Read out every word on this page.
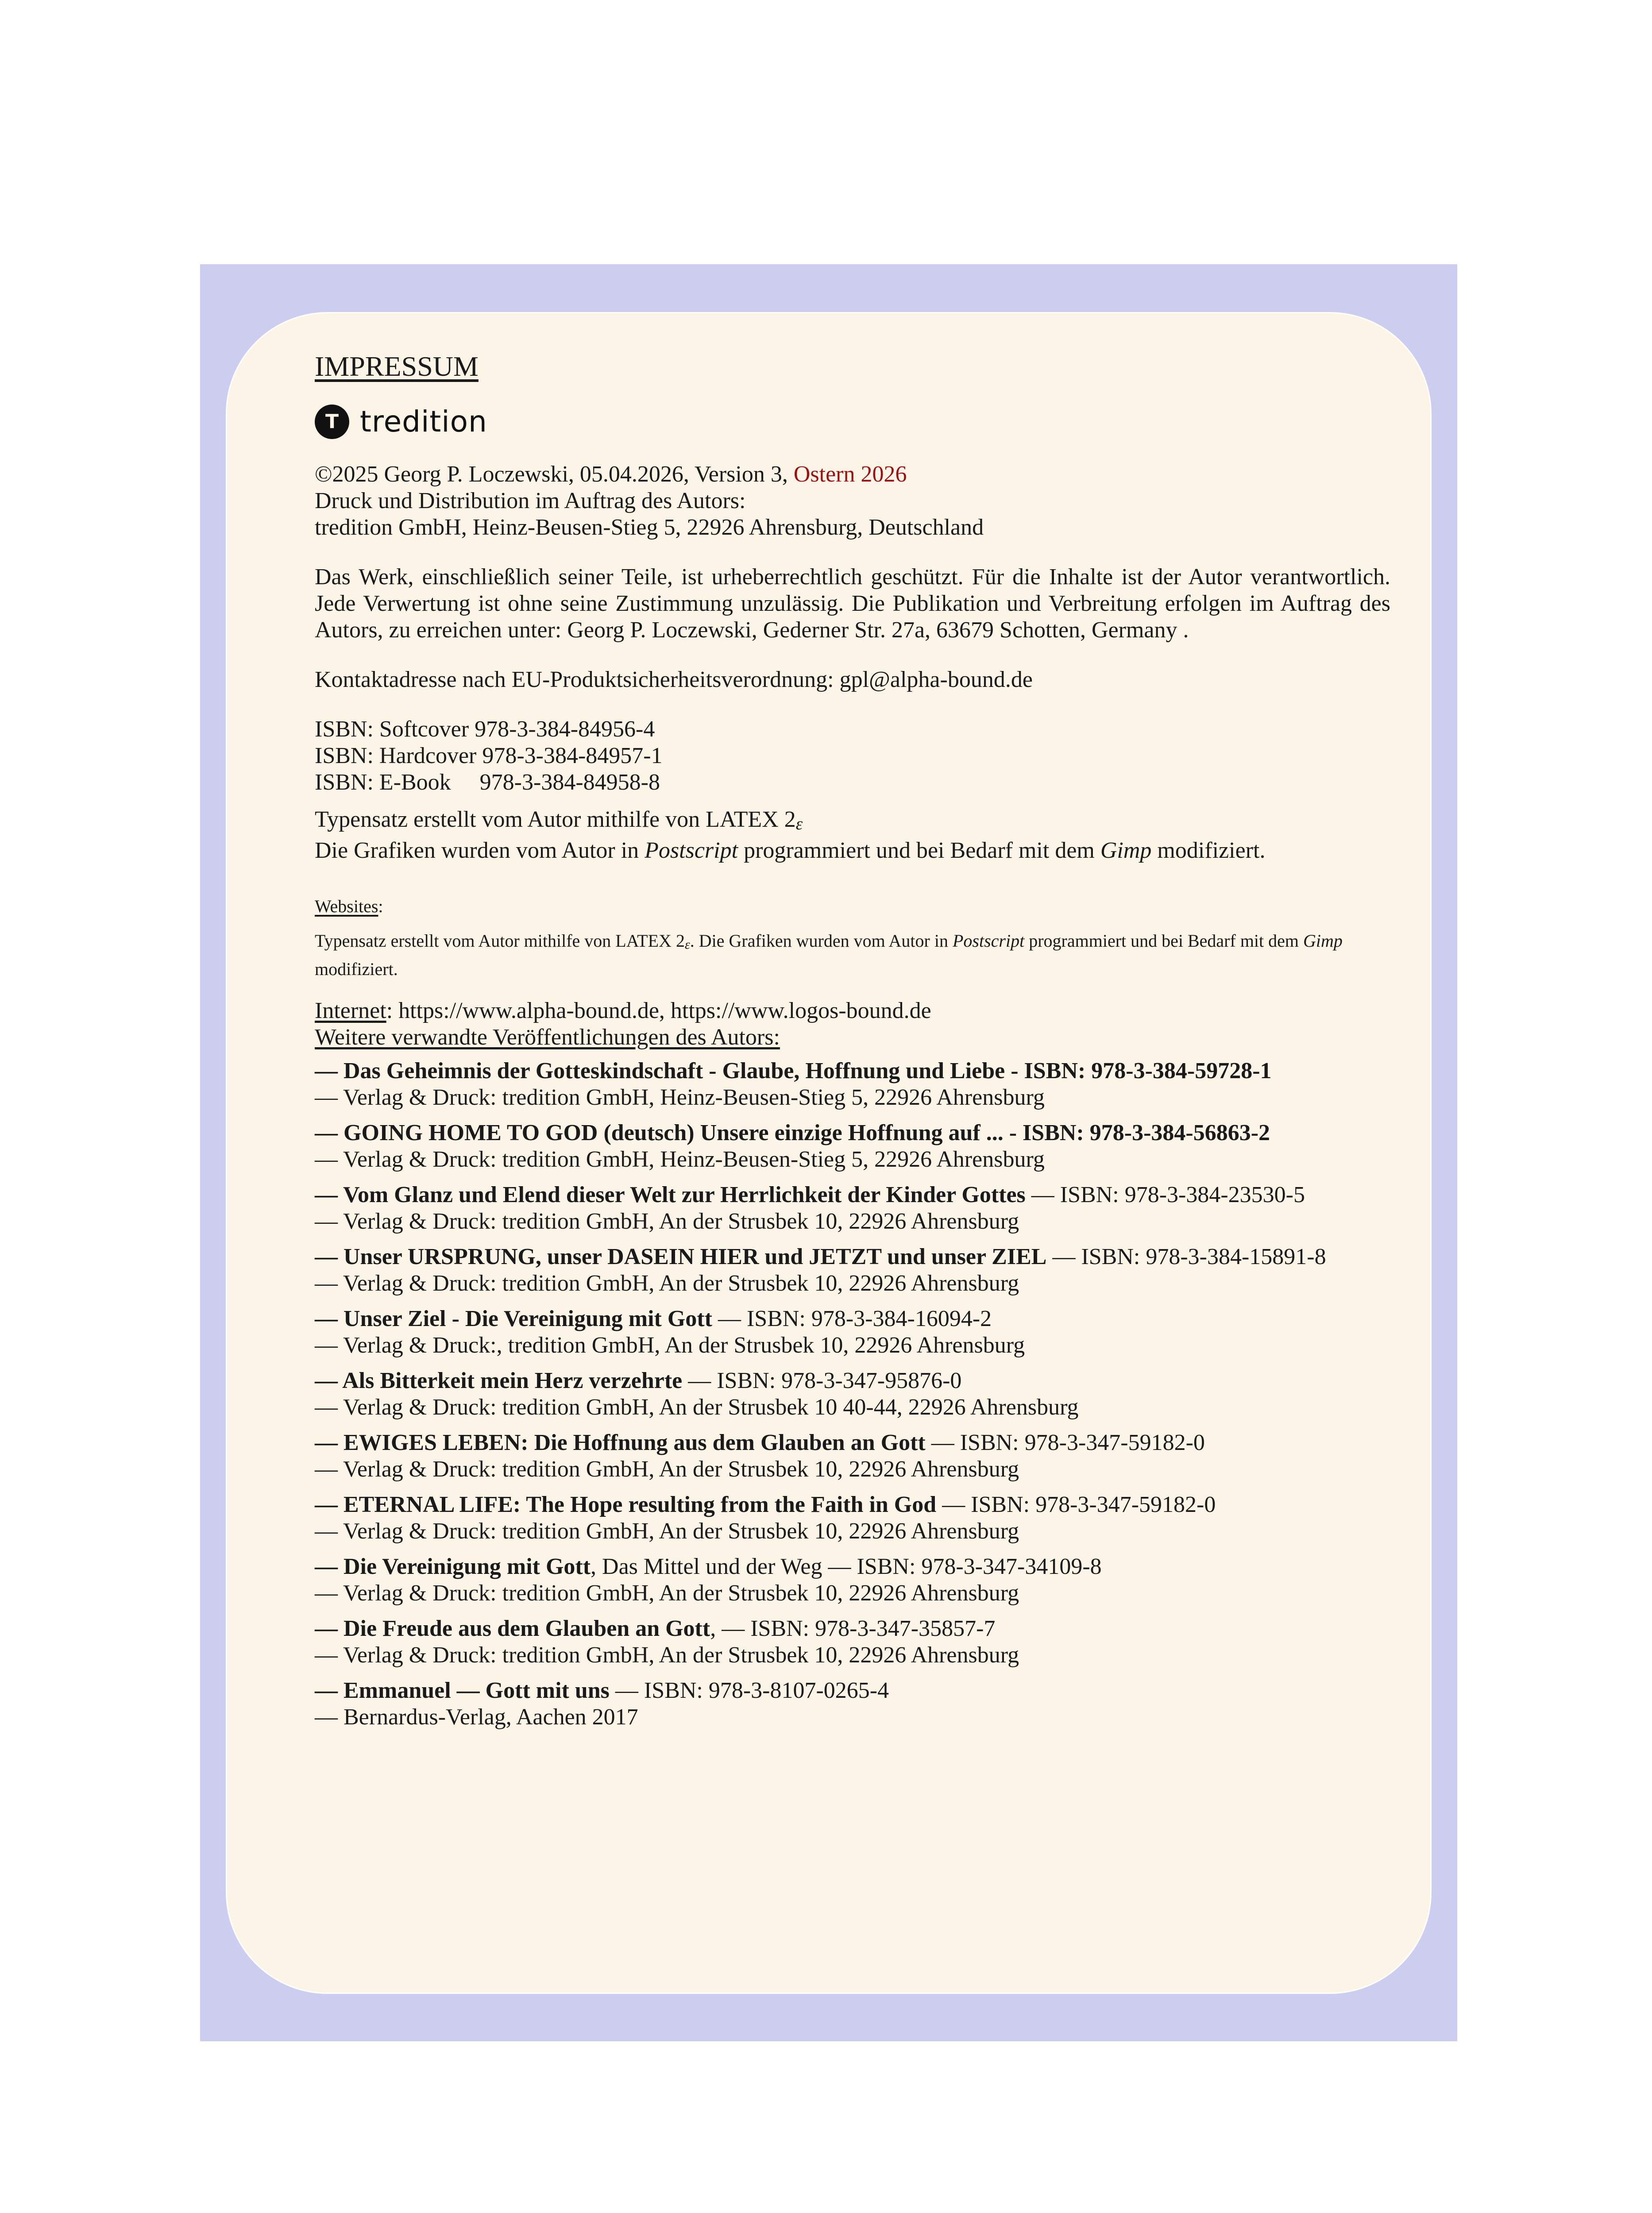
IMPRESSUM
T tredition
©2025 Georg P. Loczewski, 05.04.2026, Version 3, Ostern 2026
Druck und Distribution im Auftrag des Autors:
tredition GmbH, Heinz-Beusen-Stieg 5, 22926 Ahrensburg, Deutschland
Das Werk, einschließlich seiner Teile, ist urheberrechtlich geschützt. Für die Inhalte ist der Autor verantwortlich. Jede Verwertung ist ohne seine Zustimmung unzulässig. Die Publikation und Verbreitung erfolgen im Auftrag des Autors, zu erreichen unter: Georg P. Loczewski, Gederner Str. 27a, 63679 Schotten, Germany .
Kontaktadresse nach EU-Produktsicherheitsverordnung: gpl@alpha-bound.de
ISBN: Softcover 978-3-384-84956-4
ISBN: Hardcover 978-3-384-84957-1
ISBN: E-Book     978-3-384-84958-8
Typensatz erstellt vom Autor mithilfe von LATEX 2ε
Die Grafiken wurden vom Autor in Postscript programmiert und bei Bedarf mit dem Gimp modifiziert.
Websites:
Typensatz erstellt vom Autor mithilfe von LATEX 2ε. Die Grafiken wurden vom Autor in Postscript programmiert und bei Bedarf mit dem Gimp modifiziert.
Internet: https://www.alpha-bound.de, https://www.logos-bound.de
Weitere verwandte Veröffentlichungen des Autors:

— Das Geheimnis der Gotteskindschaft - Glaube, Hoffnung und Liebe - ISBN: 978-3-384-59728-1

— Verlag & Druck: tredition GmbH, Heinz-Beusen-Stieg 5, 22926 Ahrensburg

— GOING HOME TO GOD (deutsch) Unsere einzige Hoffnung auf ... - ISBN: 978-3-384-56863-2

— Verlag & Druck: tredition GmbH, Heinz-Beusen-Stieg 5, 22926 Ahrensburg

— Vom Glanz und Elend dieser Welt zur Herrlichkeit der Kinder Gottes — ISBN: 978-3-384-23530-5

— Verlag & Druck: tredition GmbH, An der Strusbek 10, 22926 Ahrensburg

— Unser URSPRUNG, unser DASEIN HIER und JETZT und unser ZIEL — ISBN: 978-3-384-15891-8

— Verlag & Druck: tredition GmbH, An der Strusbek 10, 22926 Ahrensburg

— Unser Ziel - Die Vereinigung mit Gott — ISBN: 978-3-384-16094-2

— Verlag & Druck:, tredition GmbH, An der Strusbek 10, 22926 Ahrensburg

— Als Bitterkeit mein Herz verzehrte — ISBN: 978-3-347-95876-0

— Verlag & Druck: tredition GmbH, An der Strusbek 10 40-44, 22926 Ahrensburg

— EWIGES LEBEN: Die Hoffnung aus dem Glauben an Gott — ISBN: 978-3-347-59182-0

— Verlag & Druck: tredition GmbH, An der Strusbek 10, 22926 Ahrensburg

— ETERNAL LIFE: The Hope resulting from the Faith in God — ISBN: 978-3-347-59182-0

— Verlag & Druck: tredition GmbH, An der Strusbek 10, 22926 Ahrensburg

— Die Vereinigung mit Gott, Das Mittel und der Weg — ISBN: 978-3-347-34109-8

— Verlag & Druck: tredition GmbH, An der Strusbek 10, 22926 Ahrensburg

— Die Freude aus dem Glauben an Gott, — ISBN: 978-3-347-35857-7

— Verlag & Druck: tredition GmbH, An der Strusbek 10, 22926 Ahrensburg

— Emmanuel — Gott mit uns — ISBN: 978-3-8107-0265-4

— Bernardus-Verlag, Aachen 2017
